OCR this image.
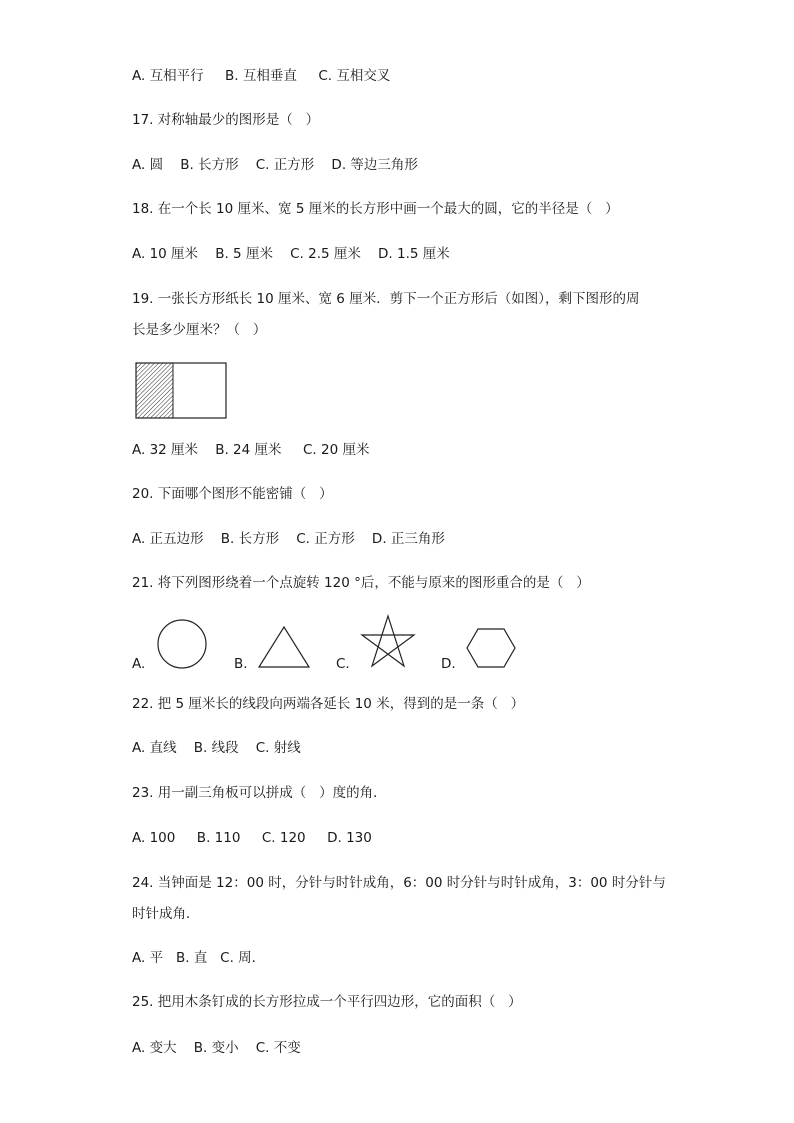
A. 互相平行     B. 互相垂直     C. 互相交叉
17. 对称轴最少的图形是（   ）
A. 圆    B. 长方形    C. 正方形    D. 等边三角形
18. 在一个长 10 厘米、宽 5 厘米的长方形中画一个最大的圆，它的半径是（   ）
A. 10 厘米    B. 5 厘米    C. 2.5 厘米    D. 1.5 厘米
19. 一张长方形纸长 10 厘米、宽 6 厘米．剪下一个正方形后（如图），剩下图形的周
长是多少厘米？（   ）
A. 32 厘米    B. 24 厘米     C. 20 厘米
20. 下面哪个图形不能密铺（   ）
A. 正五边形    B. 长方形    C. 正方形    D. 正三角形
21. 将下列图形绕着一个点旋转 120 °后，不能与原来的图形重合的是（   ）
A.	B.	C.	D.
22. 把 5 厘米长的线段向两端各延长 10 米，得到的是一条（   ）
A. 直线    B. 线段    C. 射线
23. 用一副三角板可以拼成（   ）度的角．
A. 100     B. 110     C. 120     D. 130
24. 当钟面是 12：00 时，分针与时针成角，6：00 时分针与时针成角，3：00 时分针与
时针成角．
A. 平   B. 直   C. 周．
25. 把用木条钉成的长方形拉成一个平行四边形，它的面积（   ）
A. 变大    B. 变小    C. 不变
